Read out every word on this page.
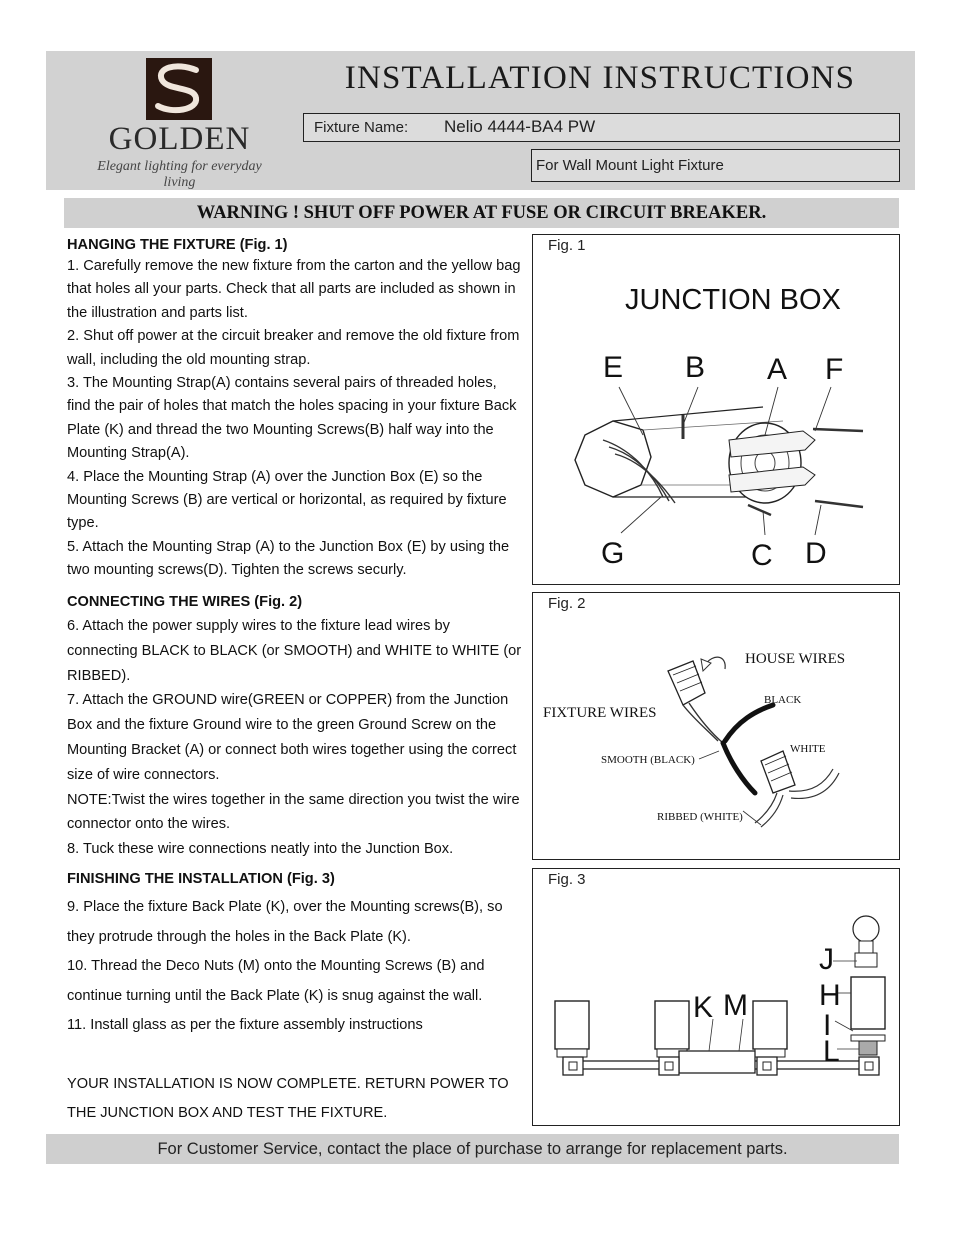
GOLDEN
Elegant lighting for everyday living
INSTALLATION INSTRUCTIONS
Fixture Name: Nelio 4444-BA4 PW
For Wall Mount Light Fixture
WARNING ! SHUT OFF POWER AT FUSE OR CIRCUIT BREAKER.
HANGING THE FIXTURE (Fig. 1)

1. Carefully remove the new fixture from the carton and the yellow bag that holes all your parts. Check that all parts are included as shown in the illustration and parts list.

2. Shut off power at the circuit breaker and remove the old fixture from wall, including the old mounting strap.

3. The Mounting Strap(A) contains several pairs of threaded holes, find the pair of holes that match the holes spacing in your fixture Back Plate (K) and thread the two Mounting Screws(B) half way into the Mounting Strap(A).

4. Place the Mounting Strap (A) over the Junction Box (E) so the Mounting Screws (B) are vertical or horizontal, as required by fixture type.

5. Attach the Mounting Strap (A) to the Junction Box (E) by using the two mounting screws(D). Tighten the screws securly.

CONNECTING THE WIRES (Fig. 2)

6. Attach the power supply wires to the fixture lead wires by connecting BLACK to BLACK (or SMOOTH) and WHITE to WHITE (or RIBBED).

7. Attach the GROUND wire(GREEN or COPPER) from the Junction Box and the fixture Ground wire to the green Ground Screw on the Mounting Bracket (A) or connect both wires together using the correct size of wire connectors.

NOTE:Twist the wires together in the same direction you twist the wire connector onto the wires.

8. Tuck these wire connections neatly into the Junction Box.

FINISHING THE INSTALLATION (Fig. 3)

9. Place the fixture Back Plate (K), over the Mounting screws(B), so they protrude through the holes in the Back Plate (K).

10. Thread the Deco Nuts (M) onto the Mounting Screws (B) and continue turning until the Back Plate (K) is snug against the wall.

11. Install glass as per the fixture assembly instructions

YOUR INSTALLATION IS NOW COMPLETE. RETURN POWER TO THE JUNCTION BOX AND TEST THE FIXTURE.

JUNCTION BOX
E B A F
G	C D
Fig. 1
HOUSE WIRES
FIXTURE WIRES
BLACK
WHITE
SMOOTH (BLACK)
RIBBED (WHITE)
Fig. 2
J
H
I
L
K M
Fig. 3
For Customer Service, contact the place of purchase to arrange for replacement parts.
